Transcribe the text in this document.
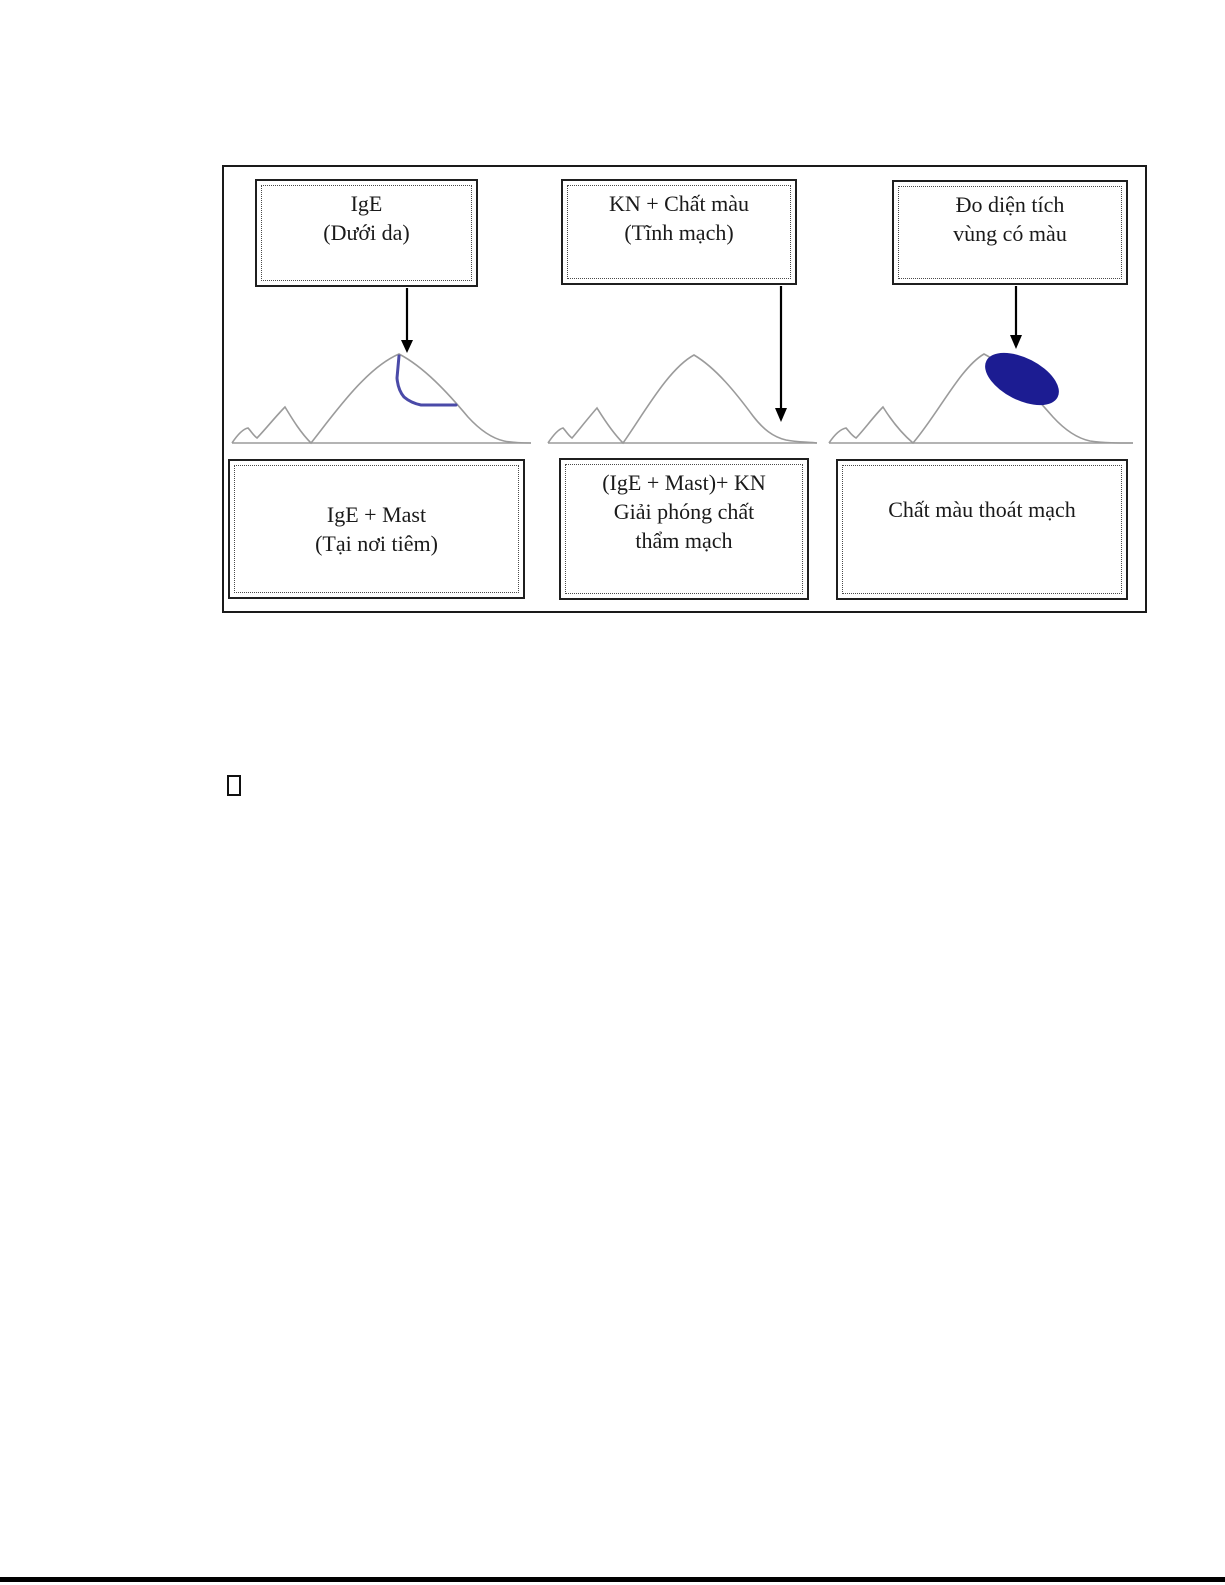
IgE
(Dưới da)
IgE + Mast
(Tại nơi tiêm)
KN + Chất màu
(Tĩnh mạch)
(IgE + Mast)+ KN
Giải phóng chất
thẩm mạch
Đo diện tích
vùng có màu
Chất màu thoát mạch
